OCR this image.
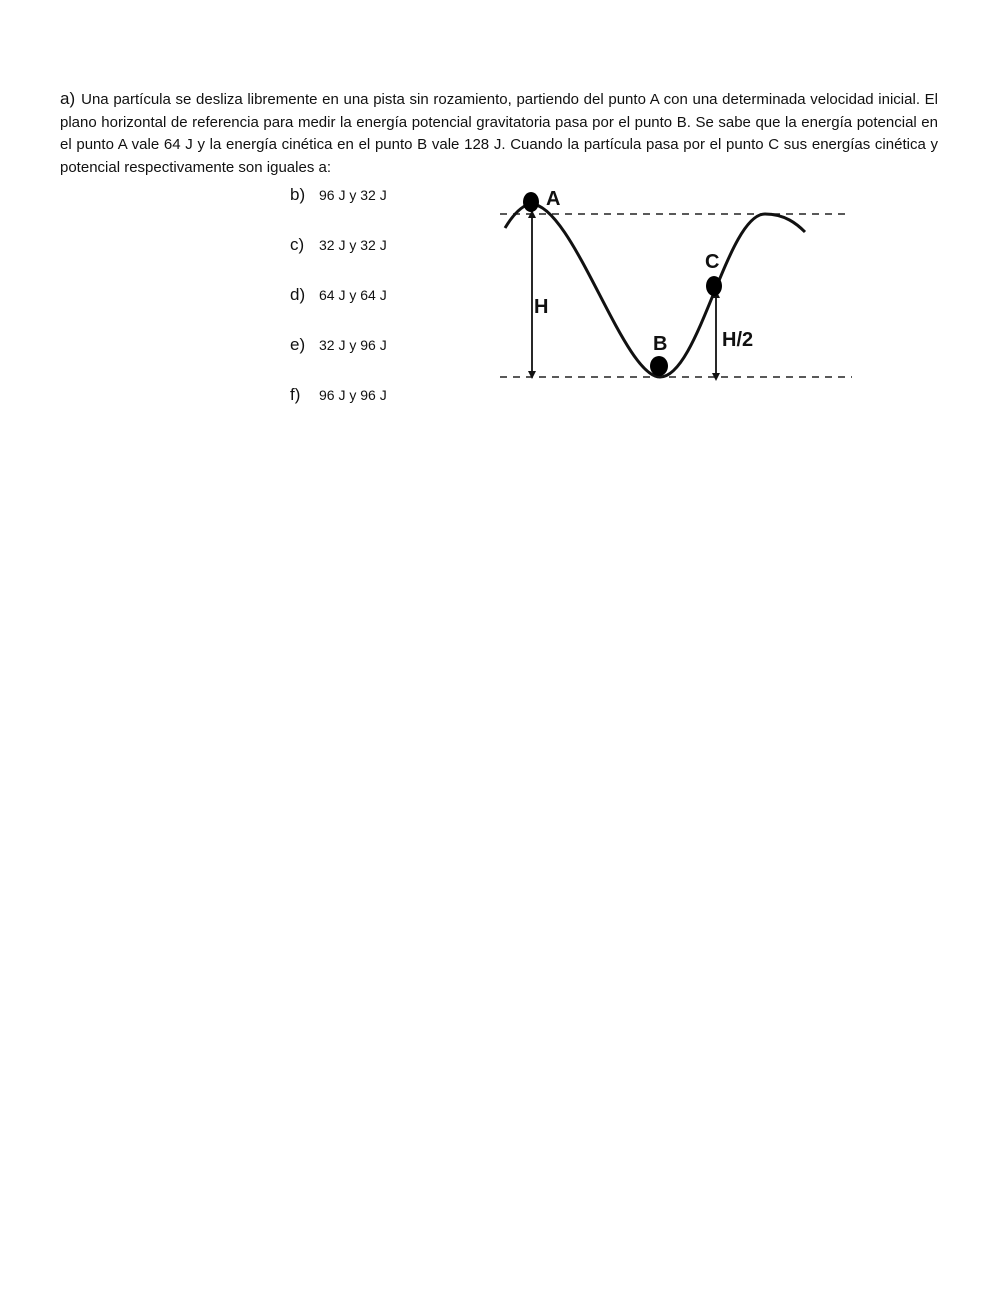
a) Una partícula se desliza libremente en una pista sin rozamiento, partiendo del punto A con una determinada velocidad inicial. El plano horizontal de referencia para medir la energía potencial gravitatoria pasa por el punto B. Se sabe que la energía potencial en el punto A vale 64 J y la energía cinética en el punto B vale 128 J. Cuando la partícula pasa por el punto C sus energías cinética y potencial respectivamente son iguales a:

b) 96 J y 32 J
c)	32 J y 32 J
d) 64 J y 64 J
e) 32 J y 96 J
f)	96 J y 96 J
A
C
B
H
H/2
